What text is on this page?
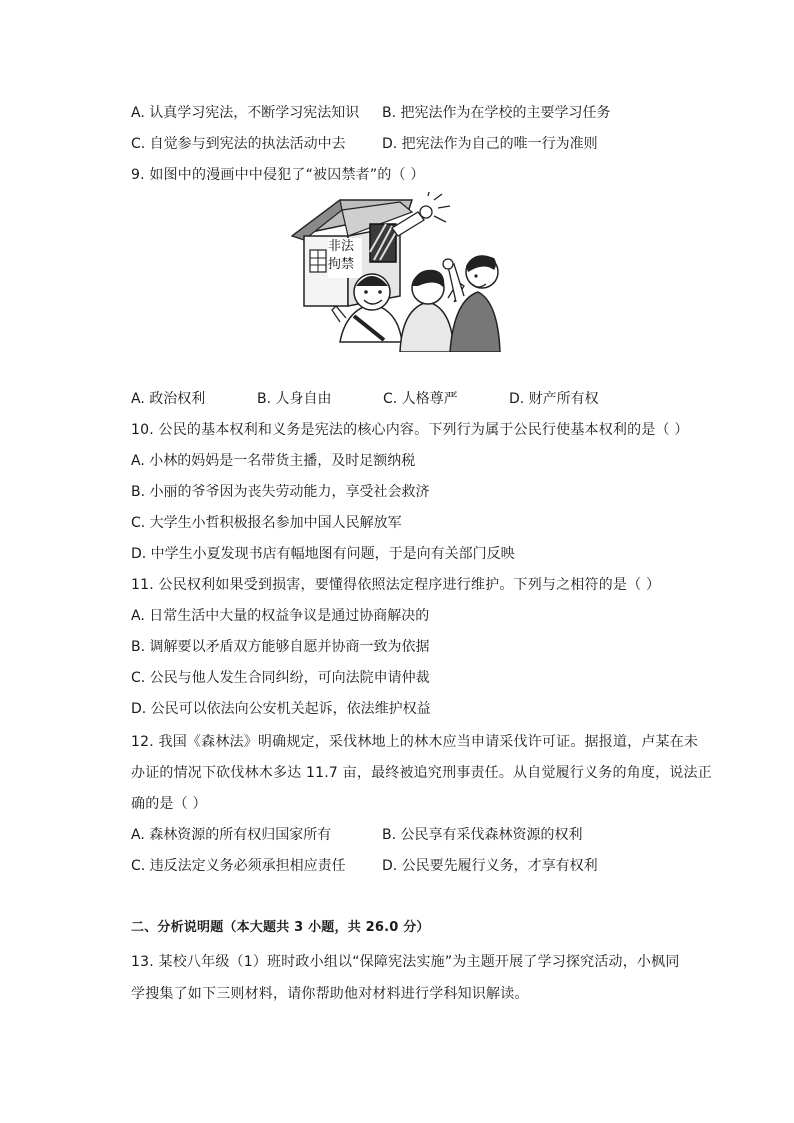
A. 认真学习宪法，不断学习宪法知识 B. 把宪法作为在学校的主要学习任务
C. 自觉参与到宪法的执法活动中去	D. 把宪法作为自己的唯一行为准则
9. 如图中的漫画中中侵犯了“被囚禁者”的（ ）
非法拘禁
A. 政治权利	B. 人身自由	C. 人格尊严	D. 财产所有权
10. 公民的基本权利和义务是宪法的核心内容。下列行为属于公民行使基本权利的是（ ）
A. 小林的妈妈是一名带货主播，及时足额纳税
B. 小丽的爷爷因为丧失劳动能力，享受社会救济
C. 大学生小哲积极报名参加中国人民解放军
D. 中学生小夏发现书店有幅地图有问题，于是向有关部门反映
11. 公民权利如果受到损害，要懂得依照法定程序进行维护。下列与之相符的是（ ）
A. 日常生活中大量的权益争议是通过协商解决的
B. 调解要以矛盾双方能够自愿并协商一致为依据
C. 公民与他人发生合同纠纷，可向法院申请仲裁
D. 公民可以依法向公安机关起诉，依法维护权益
12. 我国《森林法》明确规定，采伐林地上的林木应当申请采伐许可证。据报道，卢某在未
办证的情况下砍伐林木多达 11.7 亩，最终被追究刑事责任。从自觉履行义务的角度，说法正
确的是（ ）
A. 森林资源的所有权归国家所有	B. 公民享有采伐森林资源的权利
C. 违反法定义务必须承担相应责任	D. 公民要先履行义务，才享有权利
二、分析说明题（本大题共 3 小题，共 26.0 分）
13. 某校八年级（1）班时政小组以“保障宪法实施”为主题开展了学习探究活动，小枫同
学搜集了如下三则材料，请你帮助他对材料进行学科知识解读。
